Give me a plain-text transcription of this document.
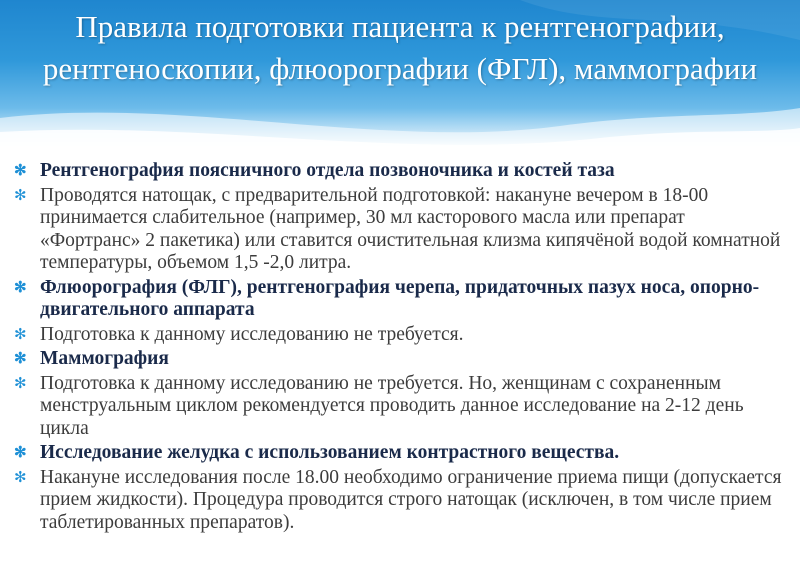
Правила подготовки пациента к рентгенографии, рентгеноскопии, флюорографии (ФГЛ), маммографии
✻ Рентгенография поясничного отдела позвоночника и костей таза
✻ Проводятся натощак, с предварительной подготовкой: накануне вечером в 18-00 принимается слабительное (например, 30 мл касторового масла или препарат «Фортранс» 2 пакетика) или ставится очистительная клизма кипячёной водой комнатной температуры, объемом 1,5 -2,0 литра.
✻ Флюорография (ФЛГ), рентгенография черепа, придаточных пазух носа, опорно-двигательного аппарата
✻ Подготовка к данному исследованию не требуется.
✻ Маммография
✻ Подготовка к данному исследованию не требуется. Но, женщинам с сохраненным менструальным циклом рекомендуется проводить данное исследование на 2-12 день цикла
✻ Исследование желудка с использованием контрастного вещества.
✻ Накануне исследования после 18.00 необходимо ограничение приема пищи (допускается прием жидкости). Процедура проводится строго натощак (исключен, в том числе прием таблетированных препаратов).
